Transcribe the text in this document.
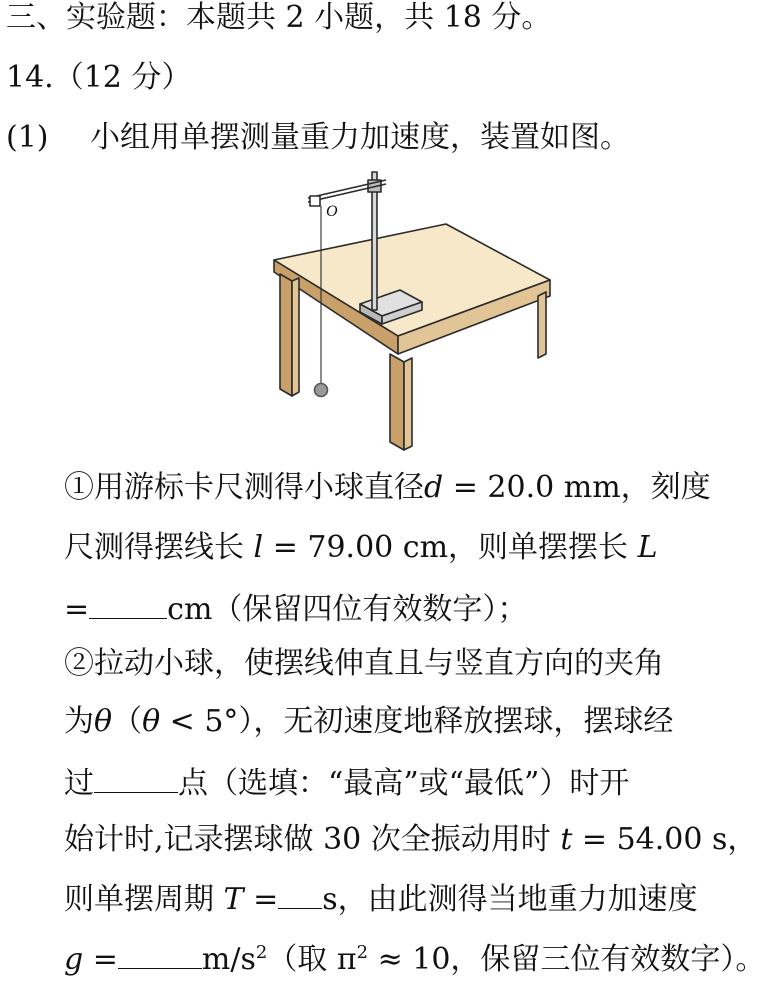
三、实验题：本题共 2 小题，共 18 分。
14.（12 分）
(1) 小组用单摆测量重力加速度，装置如图。
O
①用游标卡尺测得小球直径d = 20.0 mm，刻度
尺测得摆线长 l = 79.00 cm，则单摆摆长 L
=	cm（保留四位有效数字）；
②拉动小球，使摆线伸直且与竖直方向的夹角
为θ（θ < 5°），无初速度地释放摆球，摆球经
过	点（选填：“最高”或“最低”）时开
始计时,记录摆球做 30 次全振动用时 t = 54.00 s，
则单摆周期 T = s，由此测得当地重力加速度
g =	$m/s^2$（取 $\pi^2 \approx 10$，保留三位有效数字）。
